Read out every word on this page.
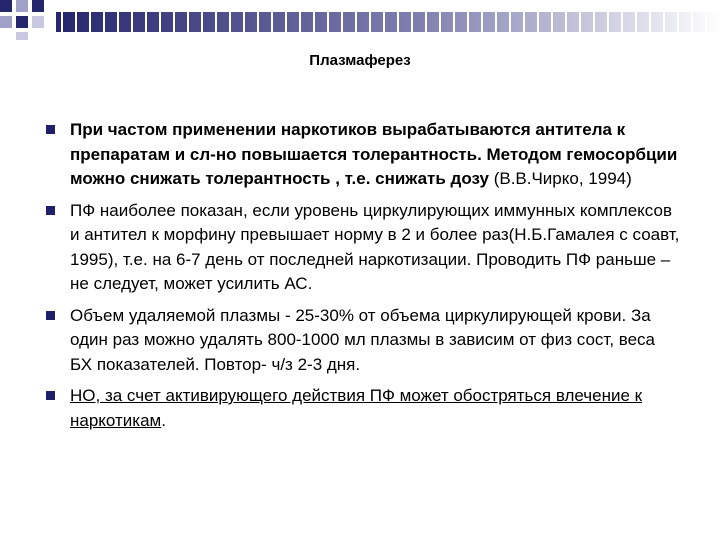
Плазмаферез
При частом применении наркотиков вырабатываются антитела к препаратам и сл-но повышается толерантность. Методом гемосорбции можно снижать толерантность , т.е. снижать дозу (В.В.Чирко, 1994)
ПФ наиболее показан, если уровень циркулирующих иммунных комплексов и антител к морфину превышает норму в 2 и более раз(Н.Б.Гамалея с соавт, 1995), т.е. на 6-7 день от последней наркотизации. Проводить ПФ раньше – не следует, может усилить АС.
Объем удаляемой плазмы - 25-30% от объема циркулирующей крови. За один раз можно удалять 800-1000 мл плазмы в зависим от физ сост, веса БХ показателей. Повтор- ч/з 2-3 дня.
НО, за счет активирующего действия ПФ может обостряться влечение к наркотикам.
